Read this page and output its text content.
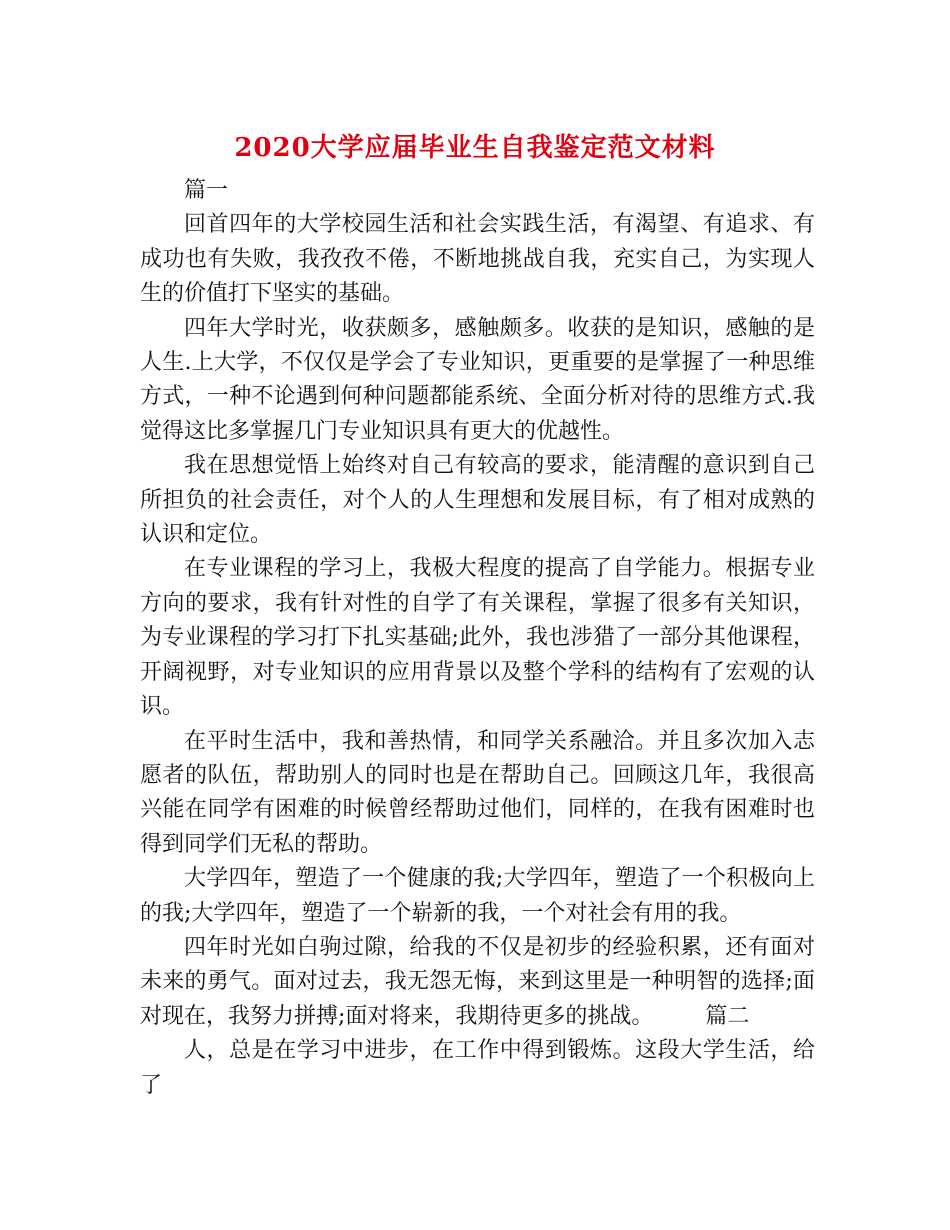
2020大学应届毕业生自我鉴定范文材料

篇一

回首四年的大学校园生活和社会实践生活，有渴望、有追求、有成功也有失败，我孜孜不倦，不断地挑战自我，充实自己，为实现人生的价值打下坚实的基础。

四年大学时光，收获颇多，感触颇多。收获的是知识，感触的是人生.上大学，不仅仅是学会了专业知识，更重要的是掌握了一种思维方式，一种不论遇到何种问题都能系统、全面分析对待的思维方式.我觉得这比多掌握几门专业知识具有更大的优越性。

我在思想觉悟上始终对自己有较高的要求，能清醒的意识到自己所担负的社会责任，对个人的人生理想和发展目标，有了相对成熟的认识和定位。

在专业课程的学习上，我极大程度的提高了自学能力。根据专业方向的要求，我有针对性的自学了有关课程，掌握了很多有关知识，为专业课程的学习打下扎实基础;此外，我也涉猎了一部分其他课程，开阔视野，对专业知识的应用背景以及整个学科的结构有了宏观的认识。

在平时生活中，我和善热情，和同学关系融洽。并且多次加入志愿者的队伍，帮助别人的同时也是在帮助自己。回顾这几年，我很高兴能在同学有困难的时候曾经帮助过他们，同样的，在我有困难时也得到同学们无私的帮助。

大学四年，塑造了一个健康的我;大学四年，塑造了一个积极向上的我;大学四年，塑造了一个崭新的我，一个对社会有用的我。

四年时光如白驹过隙，给我的不仅是初步的经验积累，还有面对未来的勇气。面对过去，我无怨无悔，来到这里是一种明智的选择;面对现在，我努力拼搏;面对将来，我期待更多的挑战。 篇二

人，总是在学习中进步，在工作中得到锻炼。这段大学生活，给了
